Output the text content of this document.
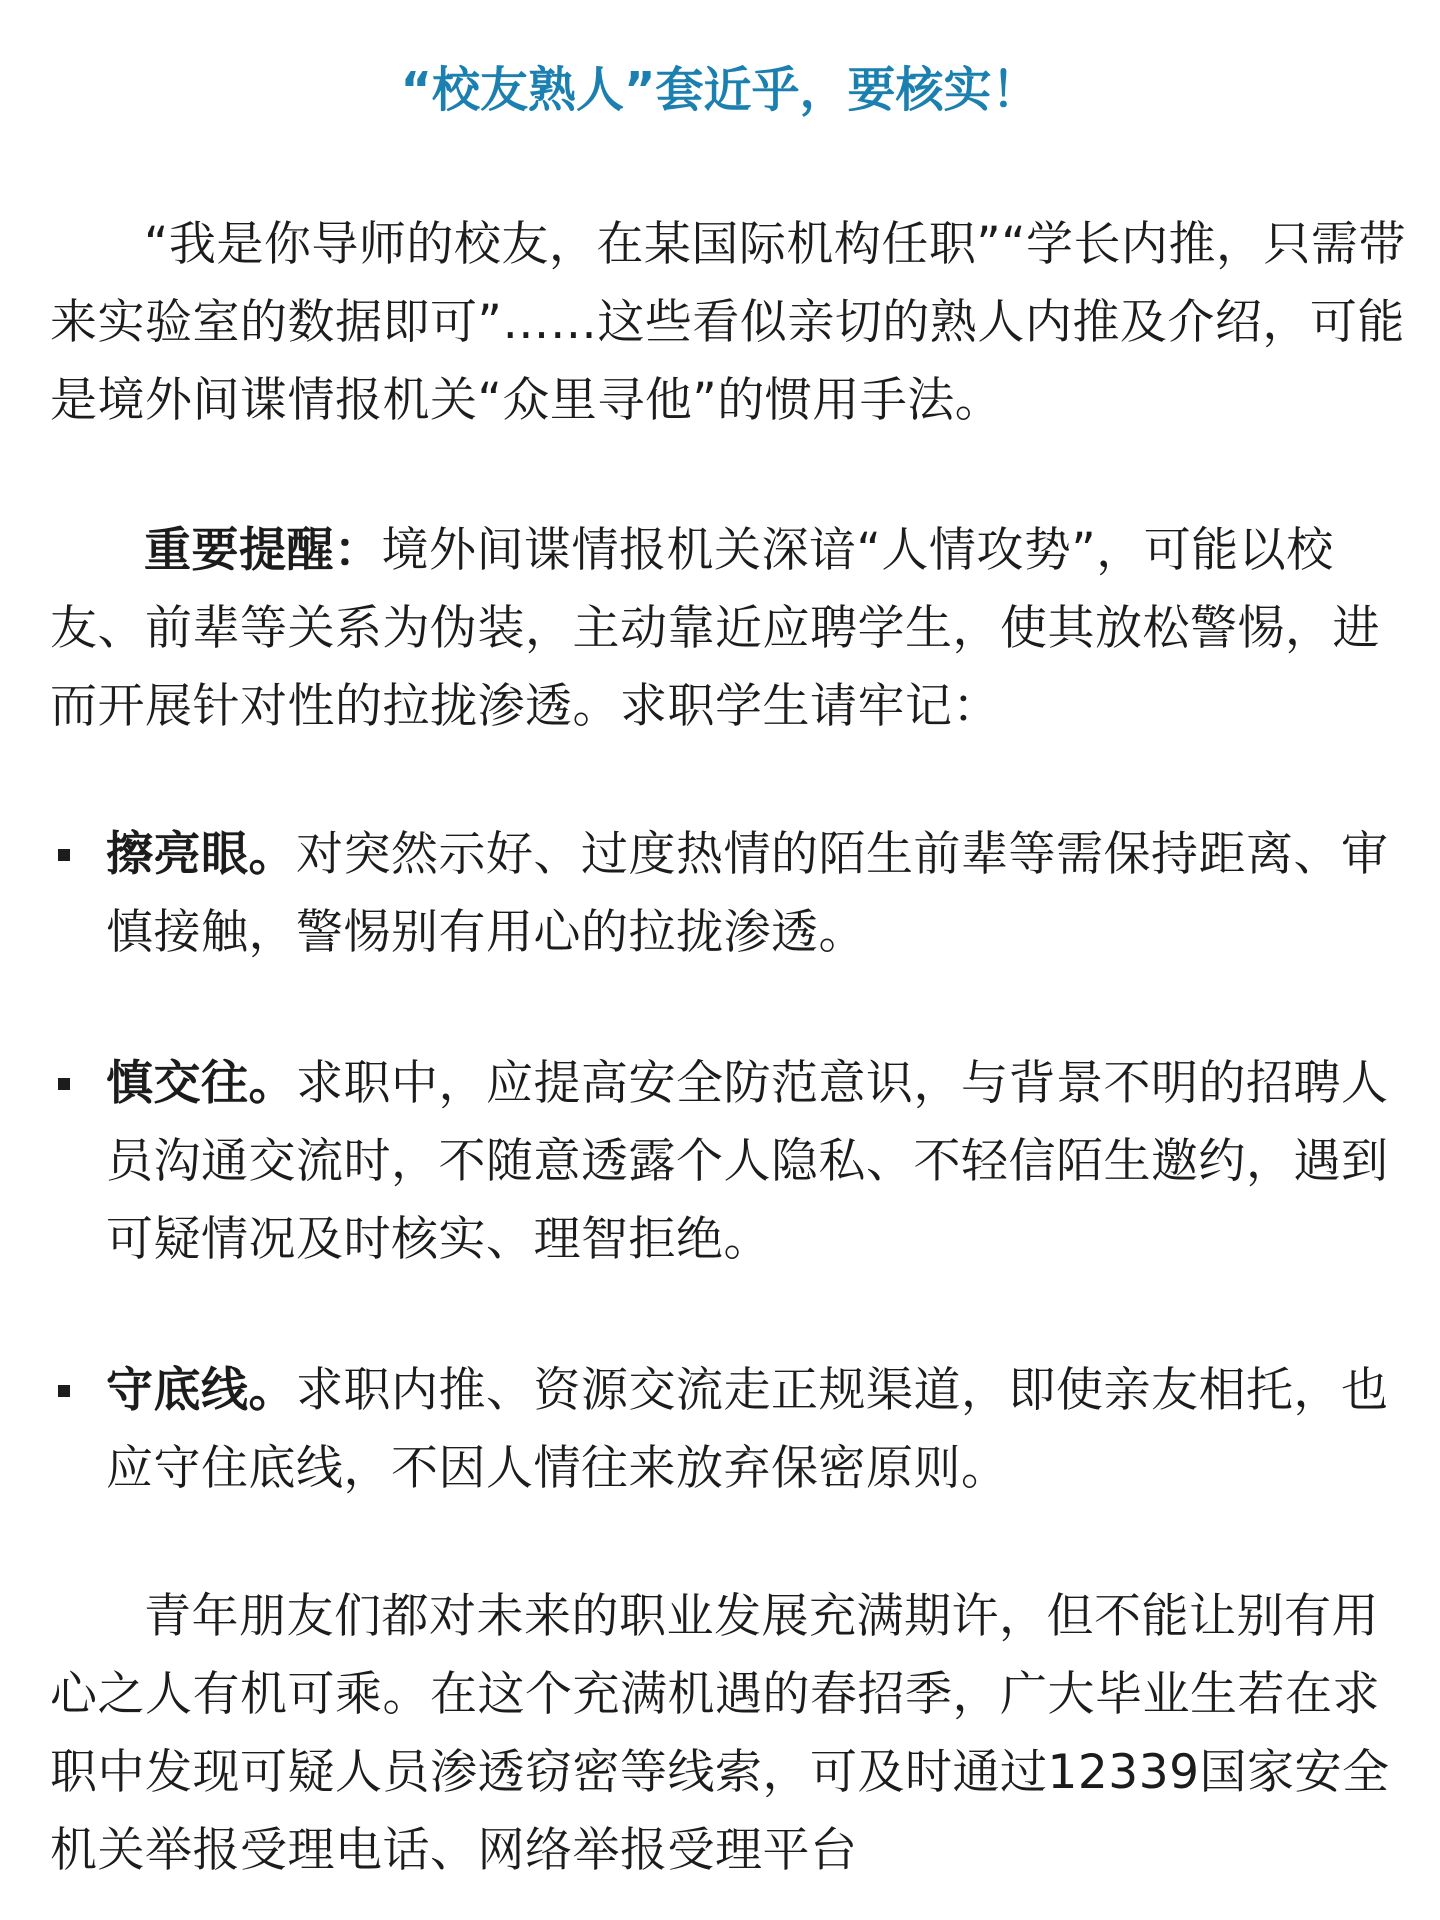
“校友熟人”套近乎，要核实！

“我是你导师的校友，在某国际机构任职”“学长内推，只需带来实验室的数据即可”……这些看似亲切的熟人内推及介绍，可能是境外间谍情报机关“众里寻他”的惯用手法。

重要提醒：境外间谍情报机关深谙“人情攻势”，可能以校友、前辈等关系为伪装，主动靠近应聘学生，使其放松警惕，进而开展针对性的拉拢渗透。求职学生请牢记：

擦亮眼。对突然示好、过度热情的陌生前辈等需保持距离、审慎接触，警惕别有用心的拉拢渗透。
慎交往。求职中，应提高安全防范意识，与背景不明的招聘人员沟通交流时，不随意透露个人隐私、不轻信陌生邀约，遇到可疑情况及时核实、理智拒绝。
守底线。求职内推、资源交流走正规渠道，即使亲友相托，也应守住底线，不因人情往来放弃保密原则。

青年朋友们都对未来的职业发展充满期许，但不能让别有用心之人有机可乘。在这个充满机遇的春招季，广大毕业生若在求职中发现可疑人员渗透窃密等线索，可及时通过12339国家安全机关举报受理电话、网络举报受理平台
